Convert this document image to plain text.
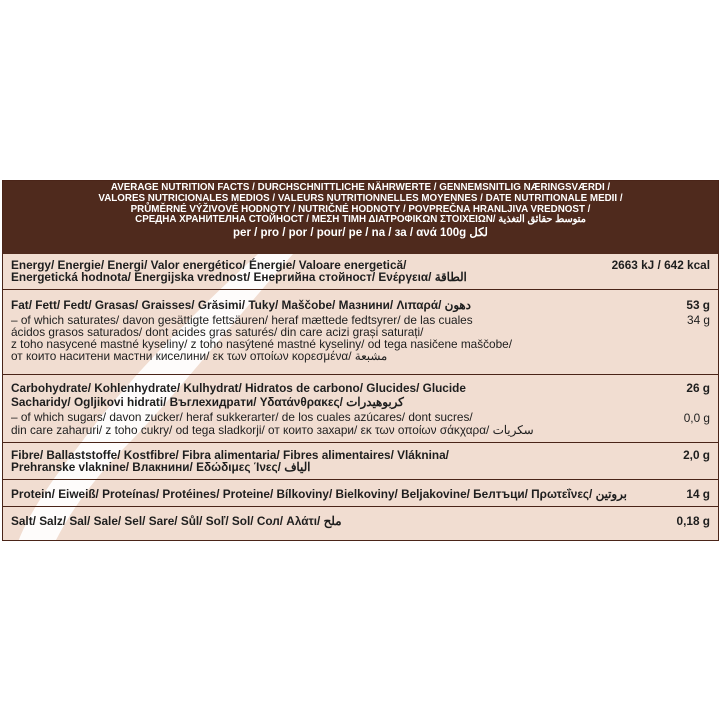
AVERAGE NUTRITION FACTS / DURCHSCHNITTLICHE NÄHRWERTE / GENNEMSNITLIG NÆRINGSVÆRDI /
VALORES NUTRICIONALES MEDIOS / VALEURS NUTRITIONNELLES MOYENNES / DATE NUTRITIONALE MEDII /
PRŮMĚRNÉ VÝŽIVOVÉ HODNOTY / NUTRIČNÉ HODNOTY / POVPREČNA HRANLJIVA VREDNOST /
СРЕДНА ХРАНИТЕЛНА СТОЙНОСТ / ΜΕΣΗ ΤΙΜΗ ΔΙΑΤΡΟΦΙΚΩΝ ΣΤΟΙΧΕΙΩΝ/ متوسط حقائق التغذية
per / pro / por / pour/ pe / na / за / ανά 100g لكل
Energy/ Energie/ Energi/ Valor energético/ Énergie/ Valoare energetică/
Energetická hodnota/ Energijska vrednost/ Енергийна стойност/ Ενέργεια/ الطاقة
2663 kJ / 642 kcal
Fat/ Fett/ Fedt/ Grasas/ Graisses/ Grăsimi/ Tuky/ Maščobe/ Мазнини/ Λιπαρά/ دهون
– of which saturates/ davon gesättigte fettsäuren/ heraf mættede fedtsyrer/ de las cuales
ácidos grasos saturados/ dont acides gras saturés/ din care acizi grași saturați/
z toho nasycené mastné kyseliny/ z toho nasýtené mastné kyseliny/ od tega nasičene maščobe/
от които наситени мастни киселини/ εκ των οποίων κορεσμένα/ مشبعة
53 g
34 g
Carbohydrate/ Kohlenhydrate/ Kulhydrat/ Hidratos de carbono/ Glucides/ Glucide
Sacharidy/ Ogljikovi hidrati/ Въглехидрати/ Υδατάνθρακες/ كربوهيدرات
– of which sugars/ davon zucker/ heraf sukkerarter/ de los cuales azúcares/ dont sucres/
din care zaharuri/ z toho cukry/ od tega sladkorji/ от които захари/ εκ των οποίων σάκχαρα/ سكريات
26 g
0,0 g
Fibre/ Ballaststoffe/ Kostfibre/ Fibra alimentaria/ Fibres alimentaires/ Vláknina/
Prehranske vlaknine/ Влакнини/ Εδώδιμες Ίνες/ الياف
2,0 g
Protein/ Eiweiß/ Proteínas/ Protéines/ Proteine/ Bílkoviny/ Bielkoviny/ Beljakovine/ Белтъци/ Πρωτεΐνες/ بروتين	14 g
Salt/ Salz/ Sal/ Sale/ Sel/ Sare/ Sůl/ Soľ/ Sol/ Сол/ Αλάτι/ ملح	0,18 g
